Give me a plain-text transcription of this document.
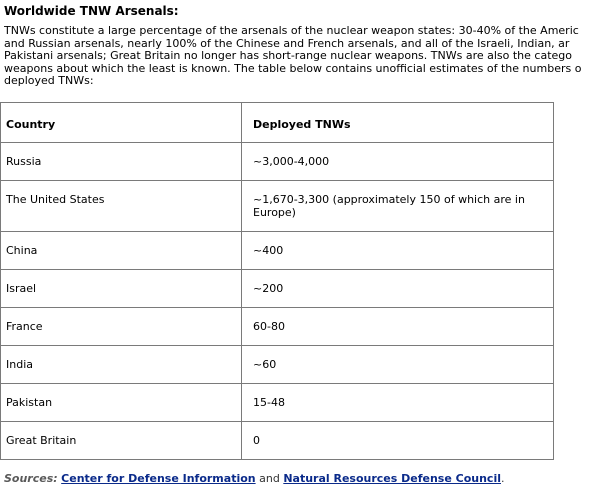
Worldwide TNW Arsenals:
TNWs constitute a large percentage of the arsenals of the nuclear weapon states: 30-40% of the Americ
and Russian arsenals, nearly 100% of the Chinese and French arsenals, and all of the Israeli, Indian, ar
Pakistani arsenals; Great Britain no longer has short-range nuclear weapons. TNWs are also the catego
weapons about which the least is known. The table below contains unofficial estimates of the numbers o
deployed TNWs:
Country	Deployed TNWs
Russia	~3,000-4,000
The United States	~1,670-3,300 (approximately 150 of which are in Europe)
China	~400
Israel	~200
France	60-80
India	~60
Pakistan	15-48
Great Britain	0
Sources: Center for Defense Information and Natural Resources Defense Council.
